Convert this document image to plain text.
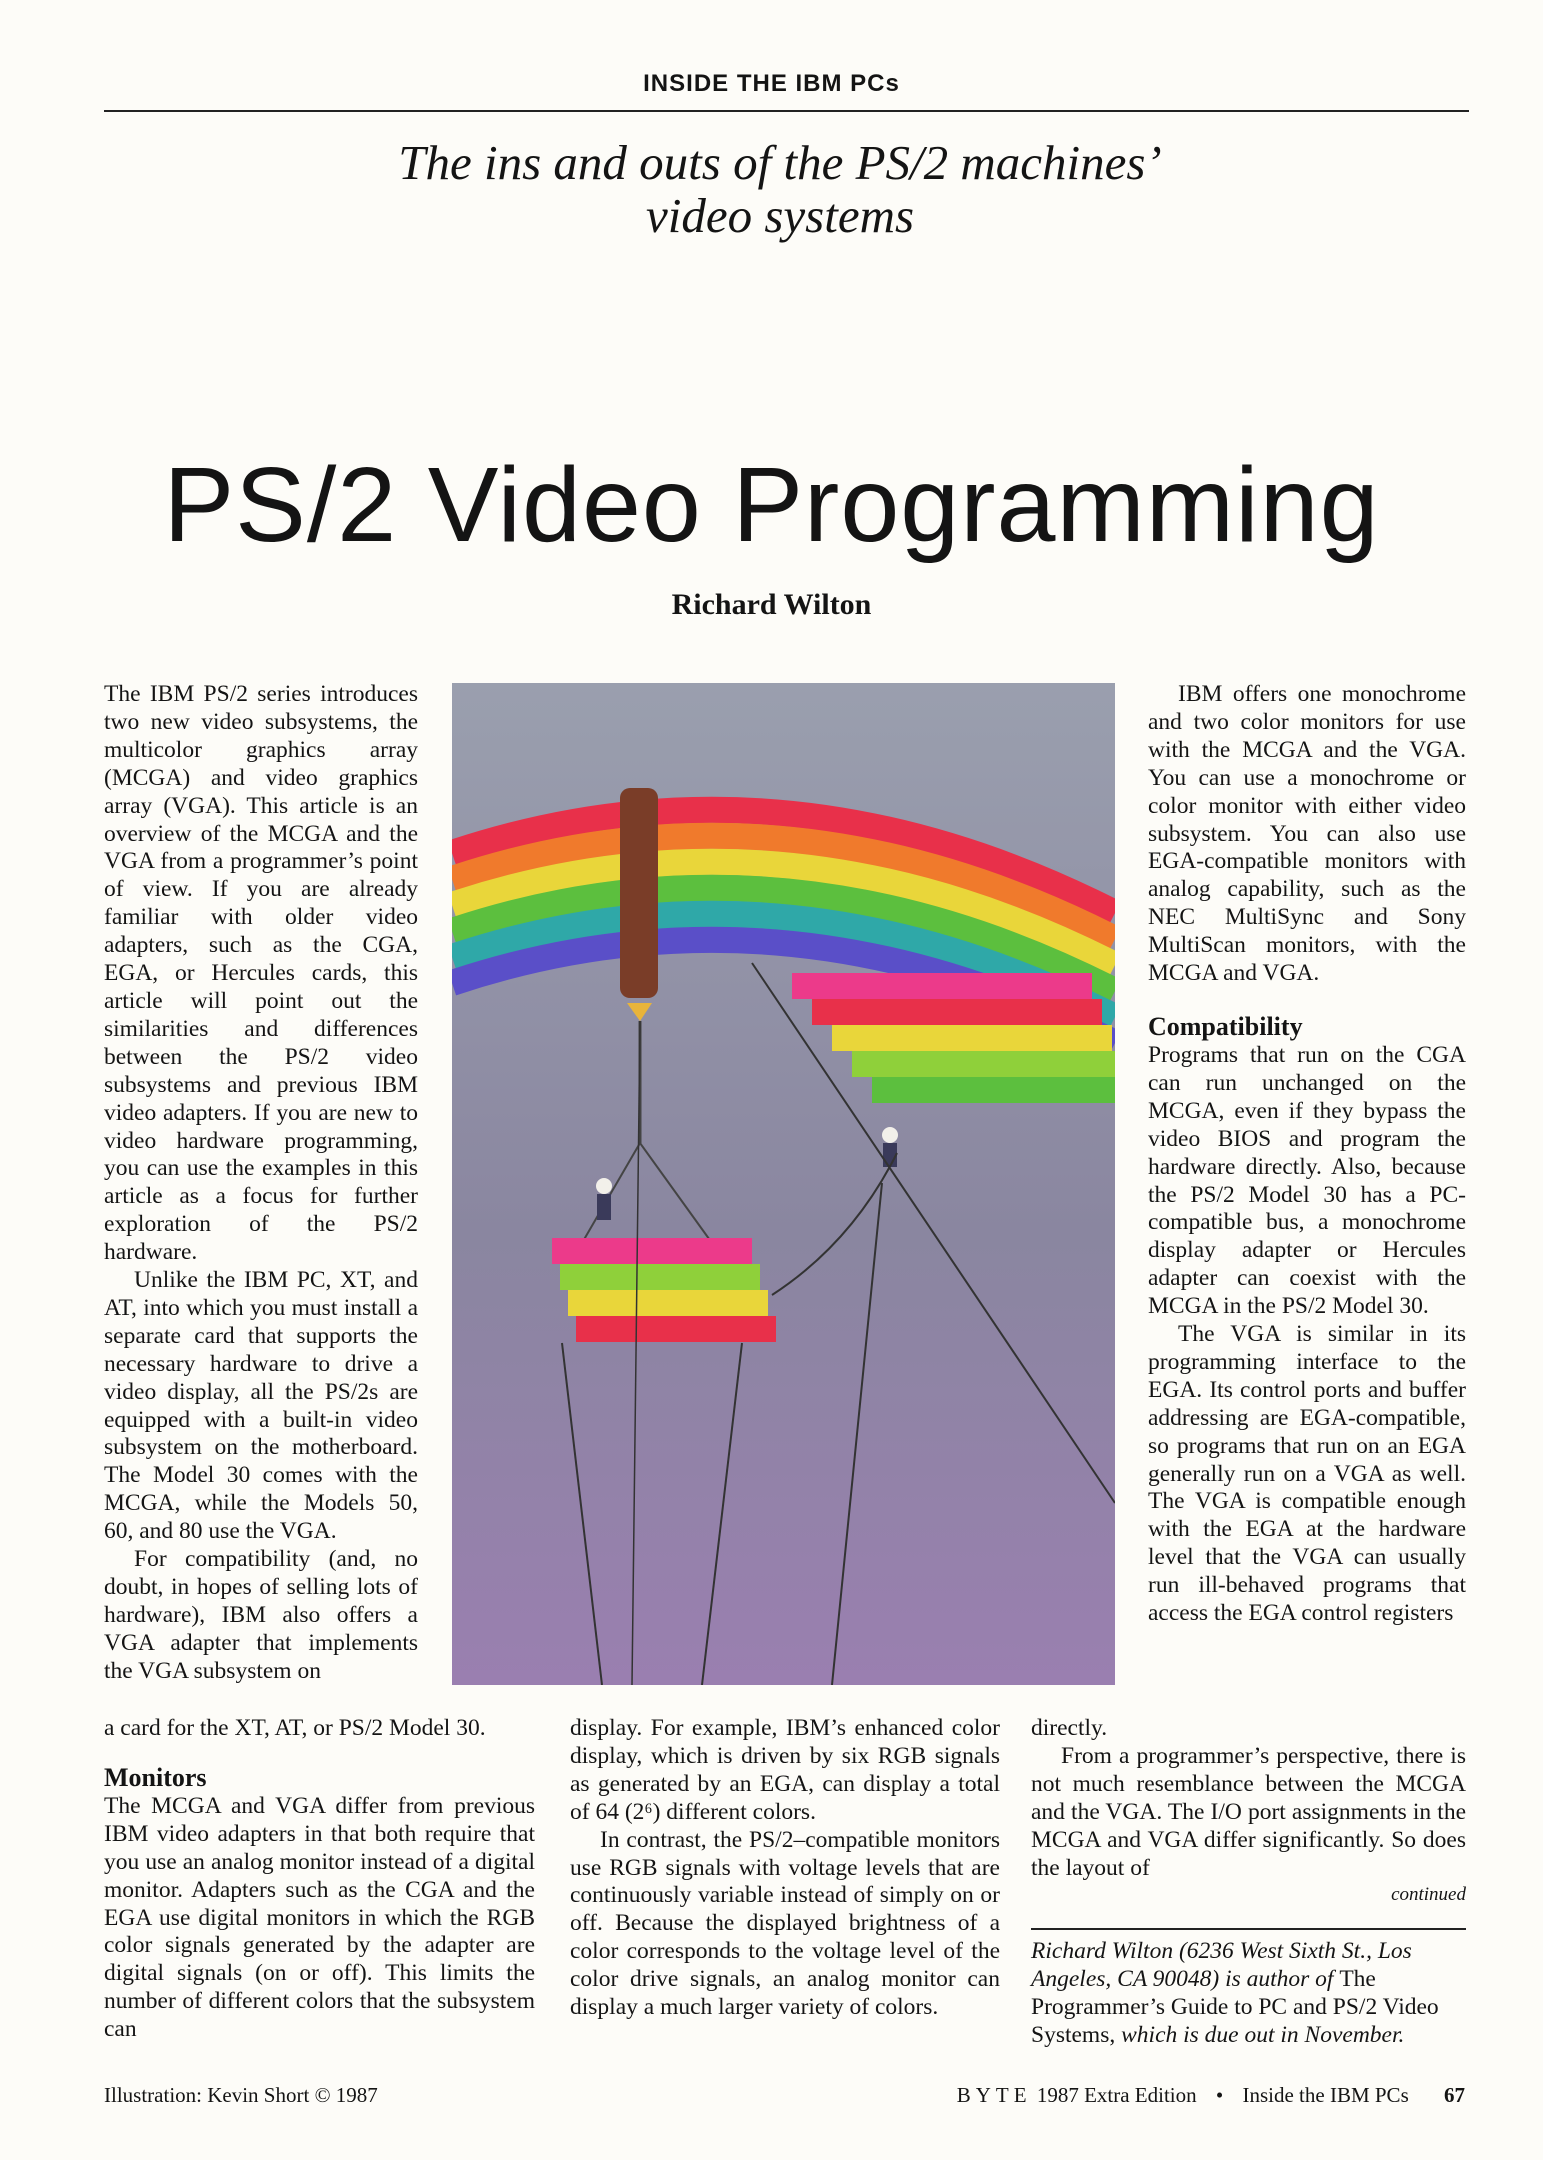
INSIDE THE IBM PCs
The ins and outs of the PS/2 machines’
video systems
PS/2 Video Programming
Richard Wilton

The IBM PS/2 series introduces two new video subsystems, the multicolor graphics array (MCGA) and video graphics array (VGA). This article is an overview of the MCGA and the VGA from a programmer’s point of view. If you are already familiar with older video adapters, such as the CGA, EGA, or Hercules cards, this article will point out the similarities and differences between the PS/2 video subsystems and previous IBM video adapters. If you are new to video hardware programming, you can use the examples in this article as a focus for further exploration of the PS/2 hardware.

Unlike the IBM PC, XT, and AT, into which you must install a separate card that supports the necessary hardware to drive a video display, all the PS/2s are equipped with a built-in video subsystem on the motherboard. The Model 30 comes with the MCGA, while the Models 50, 60, and 80 use the VGA.

For compatibility (and, no doubt, in hopes of selling lots of hardware), IBM also offers a VGA adapter that implements the VGA subsystem on

a card for the XT, AT, or PS/2 Model 30.

Monitors

The MCGA and VGA differ from previous IBM video adapters in that both require that you use an analog monitor instead of a digital monitor. Adapters such as the CGA and the EGA use digital monitors in which the RGB color signals generated by the adapter are digital signals (on or off). This limits the number of different colors that the subsystem can

display. For example, IBM’s enhanced color display, which is driven by six RGB signals as generated by an EGA, can display a total of 64 (2⁶) different colors.

In contrast, the PS/2–compatible monitors use RGB signals with voltage levels that are continuously variable instead of simply on or off. Because the displayed brightness of a color corresponds to the voltage level of the color drive signals, an analog monitor can display a much larger variety of colors.

IBM offers one monochrome and two color monitors for use with the MCGA and the VGA. You can use a monochrome or color monitor with either video subsystem. You can also use EGA-compatible monitors with analog capability, such as the NEC MultiSync and Sony MultiScan monitors, with the MCGA and VGA.

Compatibility

Programs that run on the CGA can run unchanged on the MCGA, even if they bypass the video BIOS and program the hardware directly. Also, because the PS/2 Model 30 has a PC-compatible bus, a monochrome display adapter or Hercules adapter can coexist with the MCGA in the PS/2 Model 30.

The VGA is similar in its programming interface to the EGA. Its control ports and buffer addressing are EGA-compatible, so programs that run on an EGA generally run on a VGA as well. The VGA is compatible enough with the EGA at the hardware level that the VGA can usually run ill-behaved programs that access the EGA control registers

directly.

From a programmer’s perspective, there is not much resemblance between the MCGA and the VGA. The I/O port assignments in the MCGA and VGA differ significantly. So does the layout of

continued
Richard Wilton (6236 West Sixth St., Los Angeles, CA 90048) is author of The Programmer’s Guide to PC and PS/2 Video Systems, which is due out in November.
Illustration: Kevin Short © 1987	BYTE 1987 Extra Edition • Inside the IBM PCs 67
